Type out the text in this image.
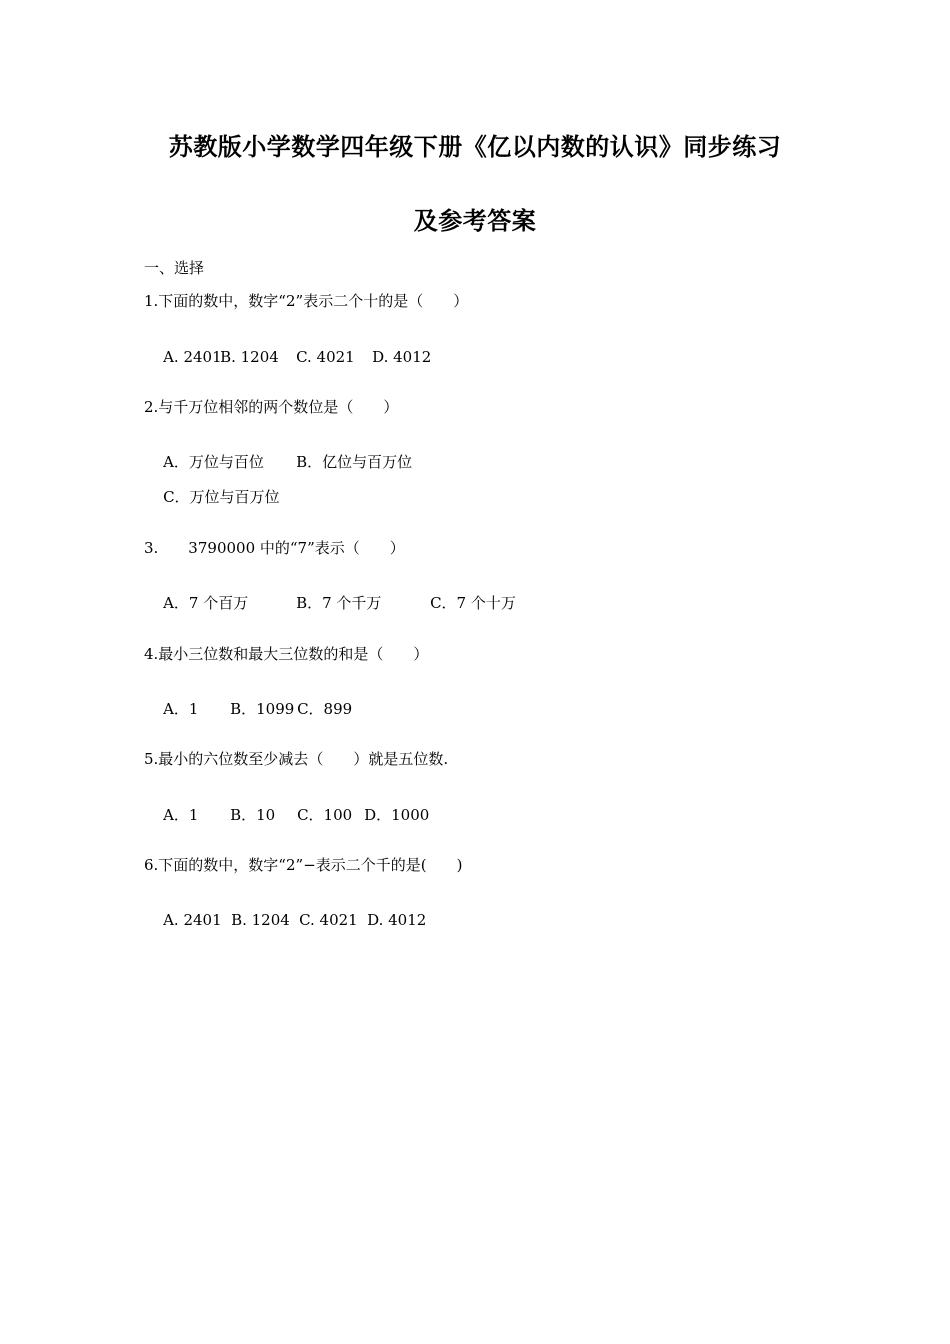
苏教版小学数学四年级下册《亿以内数的认识》同步练习
及参考答案
一、选择
1.下面的数中，数字“2”表示二个十的是（　　）

A. 2401B. 1204 C. 4021 D. 4012

2.与千万位相邻的两个数位是（　　）

A．万位与百位 B．亿位与百万位

C．万位与百万位

3.　　3790000 中的“7”表示（　　）

A．7 个百万	B．7 个千万	C．7 个十万

4.最小三位数和最大三位数的和是（　　）

A．1 B．1099 C．899

5.最小的六位数至少减去（　　）就是五位数.

A．1 B．10 C．100 D．1000

6.下面的数中，数字“2”−表示二个千的是(　　)

A. 2401 B. 1204 C. 4021 D. 4012
